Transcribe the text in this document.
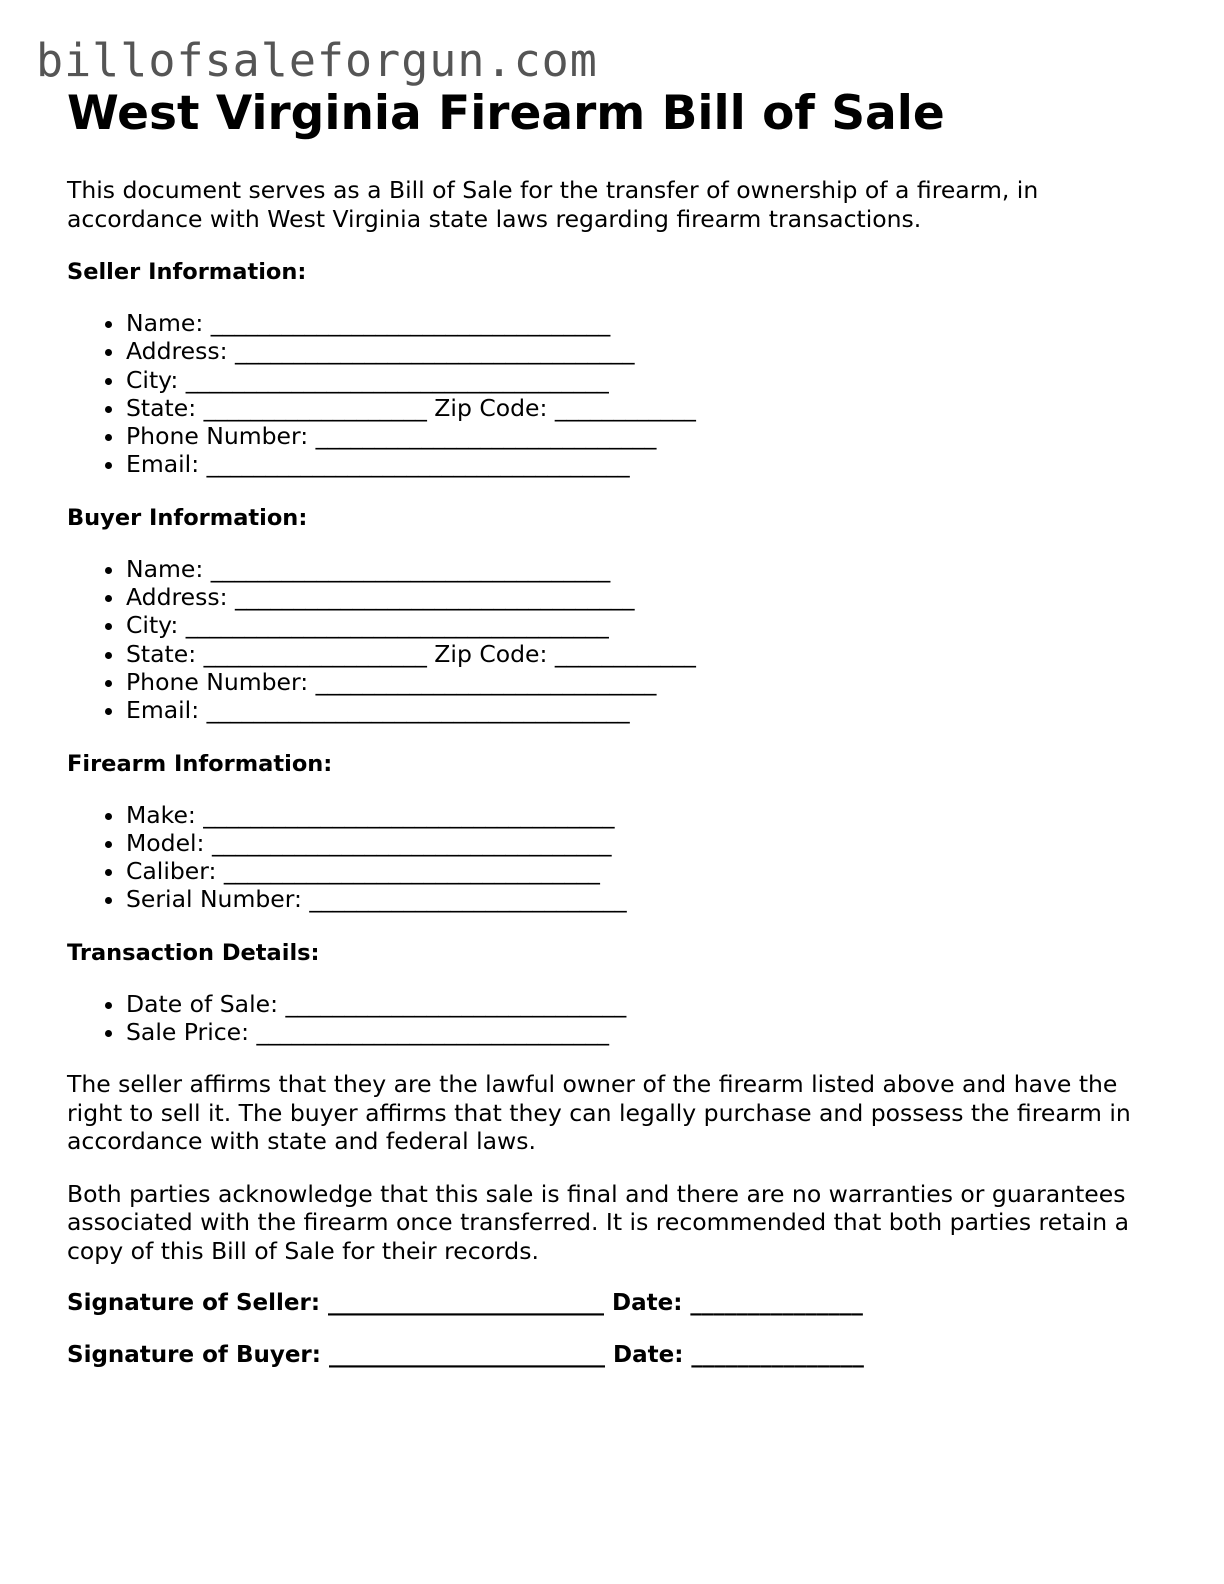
billofsaleforgun.com
West Virginia Firearm Bill of Sale

This document serves as a Bill of Sale for the transfer of ownership of a firearm, in accordance with West Virginia state laws regarding firearm transactions.

Seller Information:
• Name: __________________________________
• Address: __________________________________
• City: ____________________________________
• State: ___________________ Zip Code: ____________
• Phone Number: _____________________________
• Email: ____________________________________
Buyer Information:
• Name: __________________________________
• Address: __________________________________
• City: ____________________________________
• State: ___________________ Zip Code: ____________
• Phone Number: _____________________________
• Email: ____________________________________
Firearm Information:
• Make: ___________________________________
• Model: __________________________________
• Caliber: ________________________________
• Serial Number: ___________________________
Transaction Details:
• Date of Sale: _____________________________
• Sale Price: ______________________________

The seller affirms that they are the lawful owner of the firearm listed above and have the right to sell it. The buyer affirms that they can legally purchase and possess the firearm in accordance with state and federal laws.

Both parties acknowledge that this sale is final and there are no warranties or guarantees associated with the firearm once transferred. It is recommended that both parties retain a copy of this Bill of Sale for their records.

Signature of Seller: ________________________ Date: _______________

Signature of Buyer: ________________________ Date: _______________
